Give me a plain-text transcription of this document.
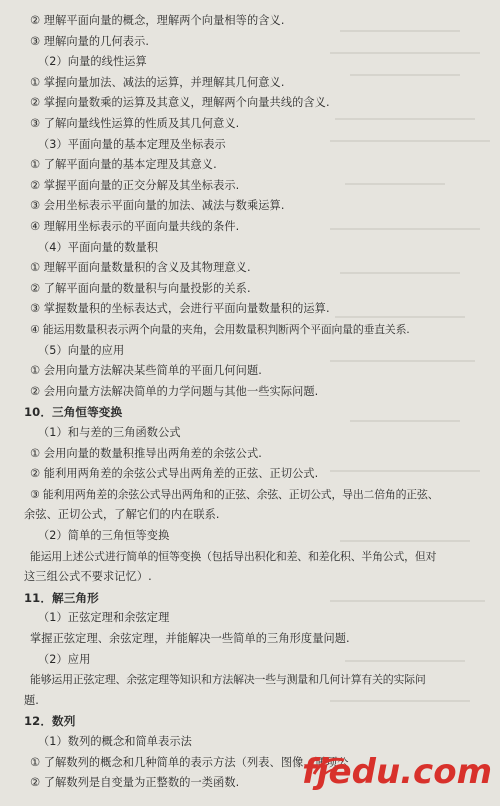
② 理解平面向量的概念，理解两个向量相等的含义.
③ 理解向量的几何表示.
（2）向量的线性运算
① 掌握向量加法、减法的运算，并理解其几何意义.
② 掌握向量数乘的运算及其意义，理解两个向量共线的含义.
③ 了解向量线性运算的性质及其几何意义.
（3）平面向量的基本定理及坐标表示
① 了解平面向量的基本定理及其意义.
② 掌握平面向量的正交分解及其坐标表示.
③ 会用坐标表示平面向量的加法、减法与数乘运算.
④ 理解用坐标表示的平面向量共线的条件.
（4）平面向量的数量积
① 理解平面向量数量积的含义及其物理意义.
② 了解平面向量的数量积与向量投影的关系.
③ 掌握数量积的坐标表达式，会进行平面向量数量积的运算.
④ 能运用数量积表示两个向量的夹角，会用数量积判断两个平面向量的垂直关系.
（5）向量的应用
① 会用向量方法解决某些简单的平面几何问题.
② 会用向量方法解决简单的力学问题与其他一些实际问题.
10．三角恒等变换
（1）和与差的三角函数公式
① 会用向量的数量积推导出两角差的余弦公式.
② 能利用两角差的余弦公式导出两角差的正弦、正切公式.
③ 能利用两角差的余弦公式导出两角和的正弦、余弦、正切公式，导出二倍角的正弦、
余弦、正切公式，了解它们的内在联系.
（2）简单的三角恒等变换
能运用上述公式进行简单的恒等变换（包括导出积化和差、和差化积、半角公式，但对
这三组公式不要求记忆）.
11．解三角形
（1）正弦定理和余弦定理
掌握正弦定理、余弦定理，并能解决一些简单的三角形度量问题.
（2）应用
能够运用正弦定理、余弦定理等知识和方法解决一些与测量和几何计算有关的实际问
题.
12．数列
（1）数列的概念和简单表示法
① 了解数列的概念和几种简单的表示方法（列表、图像、通项公
② 了解数列是自变量为正整数的一类函数. fjedu.com
